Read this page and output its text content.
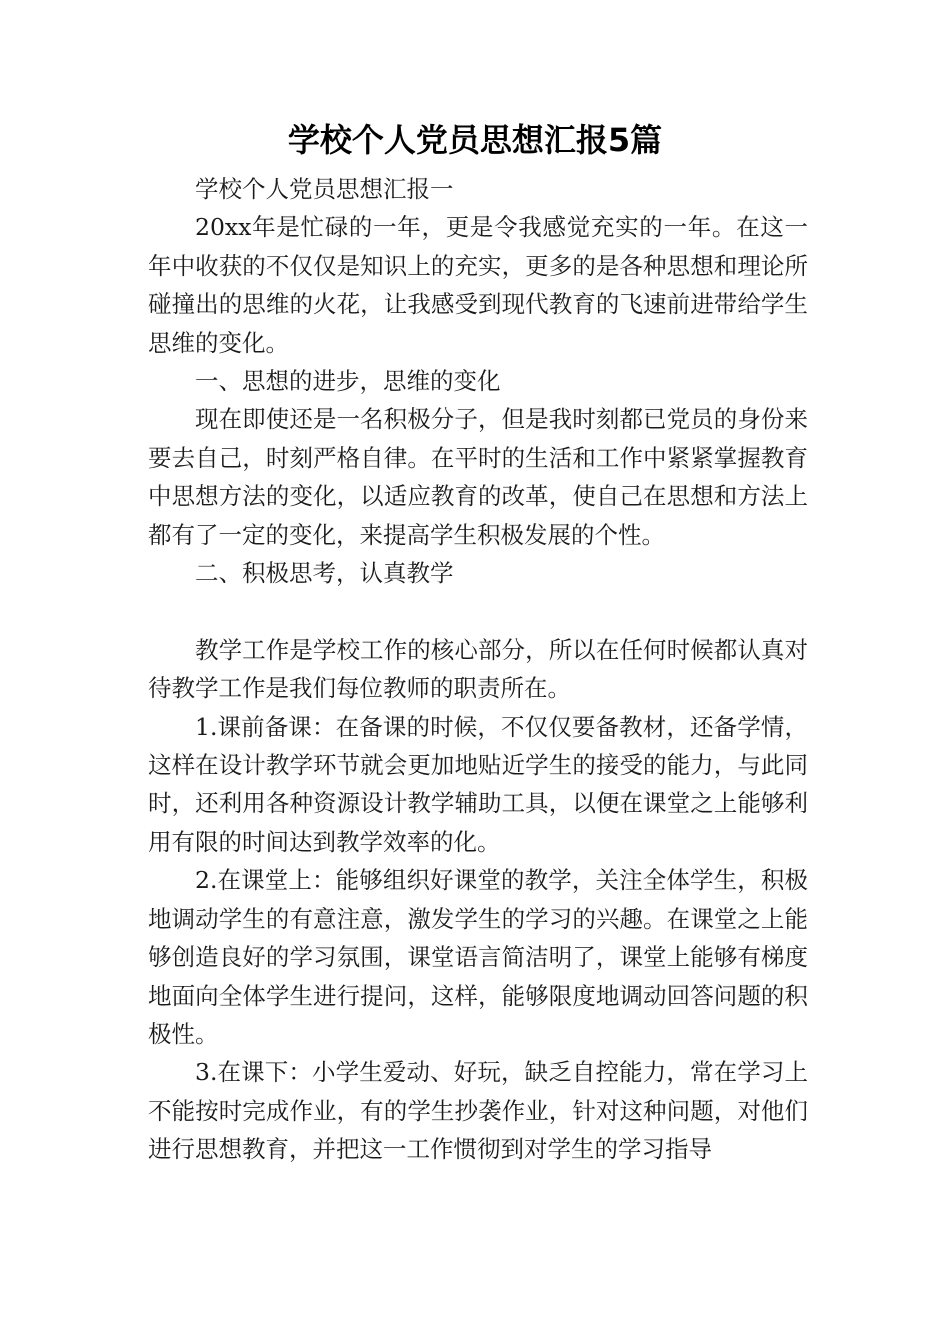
学校个人党员思想汇报5篇

学校个人党员思想汇报一

20xx年是忙碌的一年，更是令我感觉充实的一年。在这一年中收获的不仅仅是知识上的充实，更多的是各种思想和理论所碰撞出的思维的火花，让我感受到现代教育的飞速前进带给学生思维的变化。

一、思想的进步，思维的变化

现在即使还是一名积极分子，但是我时刻都已党员的身份来要去自己，时刻严格自律。在平时的生活和工作中紧紧掌握教育中思想方法的变化，以适应教育的改革，使自己在思想和方法上都有了一定的变化，来提高学生积极发展的个性。

二、积极思考，认真教学

教学工作是学校工作的核心部分，所以在任何时候都认真对待教学工作是我们每位教师的职责所在。

1.课前备课：在备课的时候，不仅仅要备教材，还备学情，这样在设计教学环节就会更加地贴近学生的接受的能力，与此同时，还利用各种资源设计教学辅助工具，以便在课堂之上能够利用有限的时间达到教学效率的化。

2.在课堂上：能够组织好课堂的教学，关注全体学生，积极地调动学生的有意注意，激发学生的学习的兴趣。在课堂之上能够创造良好的学习氛围，课堂语言简洁明了，课堂上能够有梯度地面向全体学生进行提问，这样，能够限度地调动回答问题的积极性。

3.在课下：小学生爱动、好玩，缺乏自控能力，常在学习上不能按时完成作业，有的学生抄袭作业，针对这种问题，对他们进行思想教育，并把这一工作惯彻到对学生的学习指导
